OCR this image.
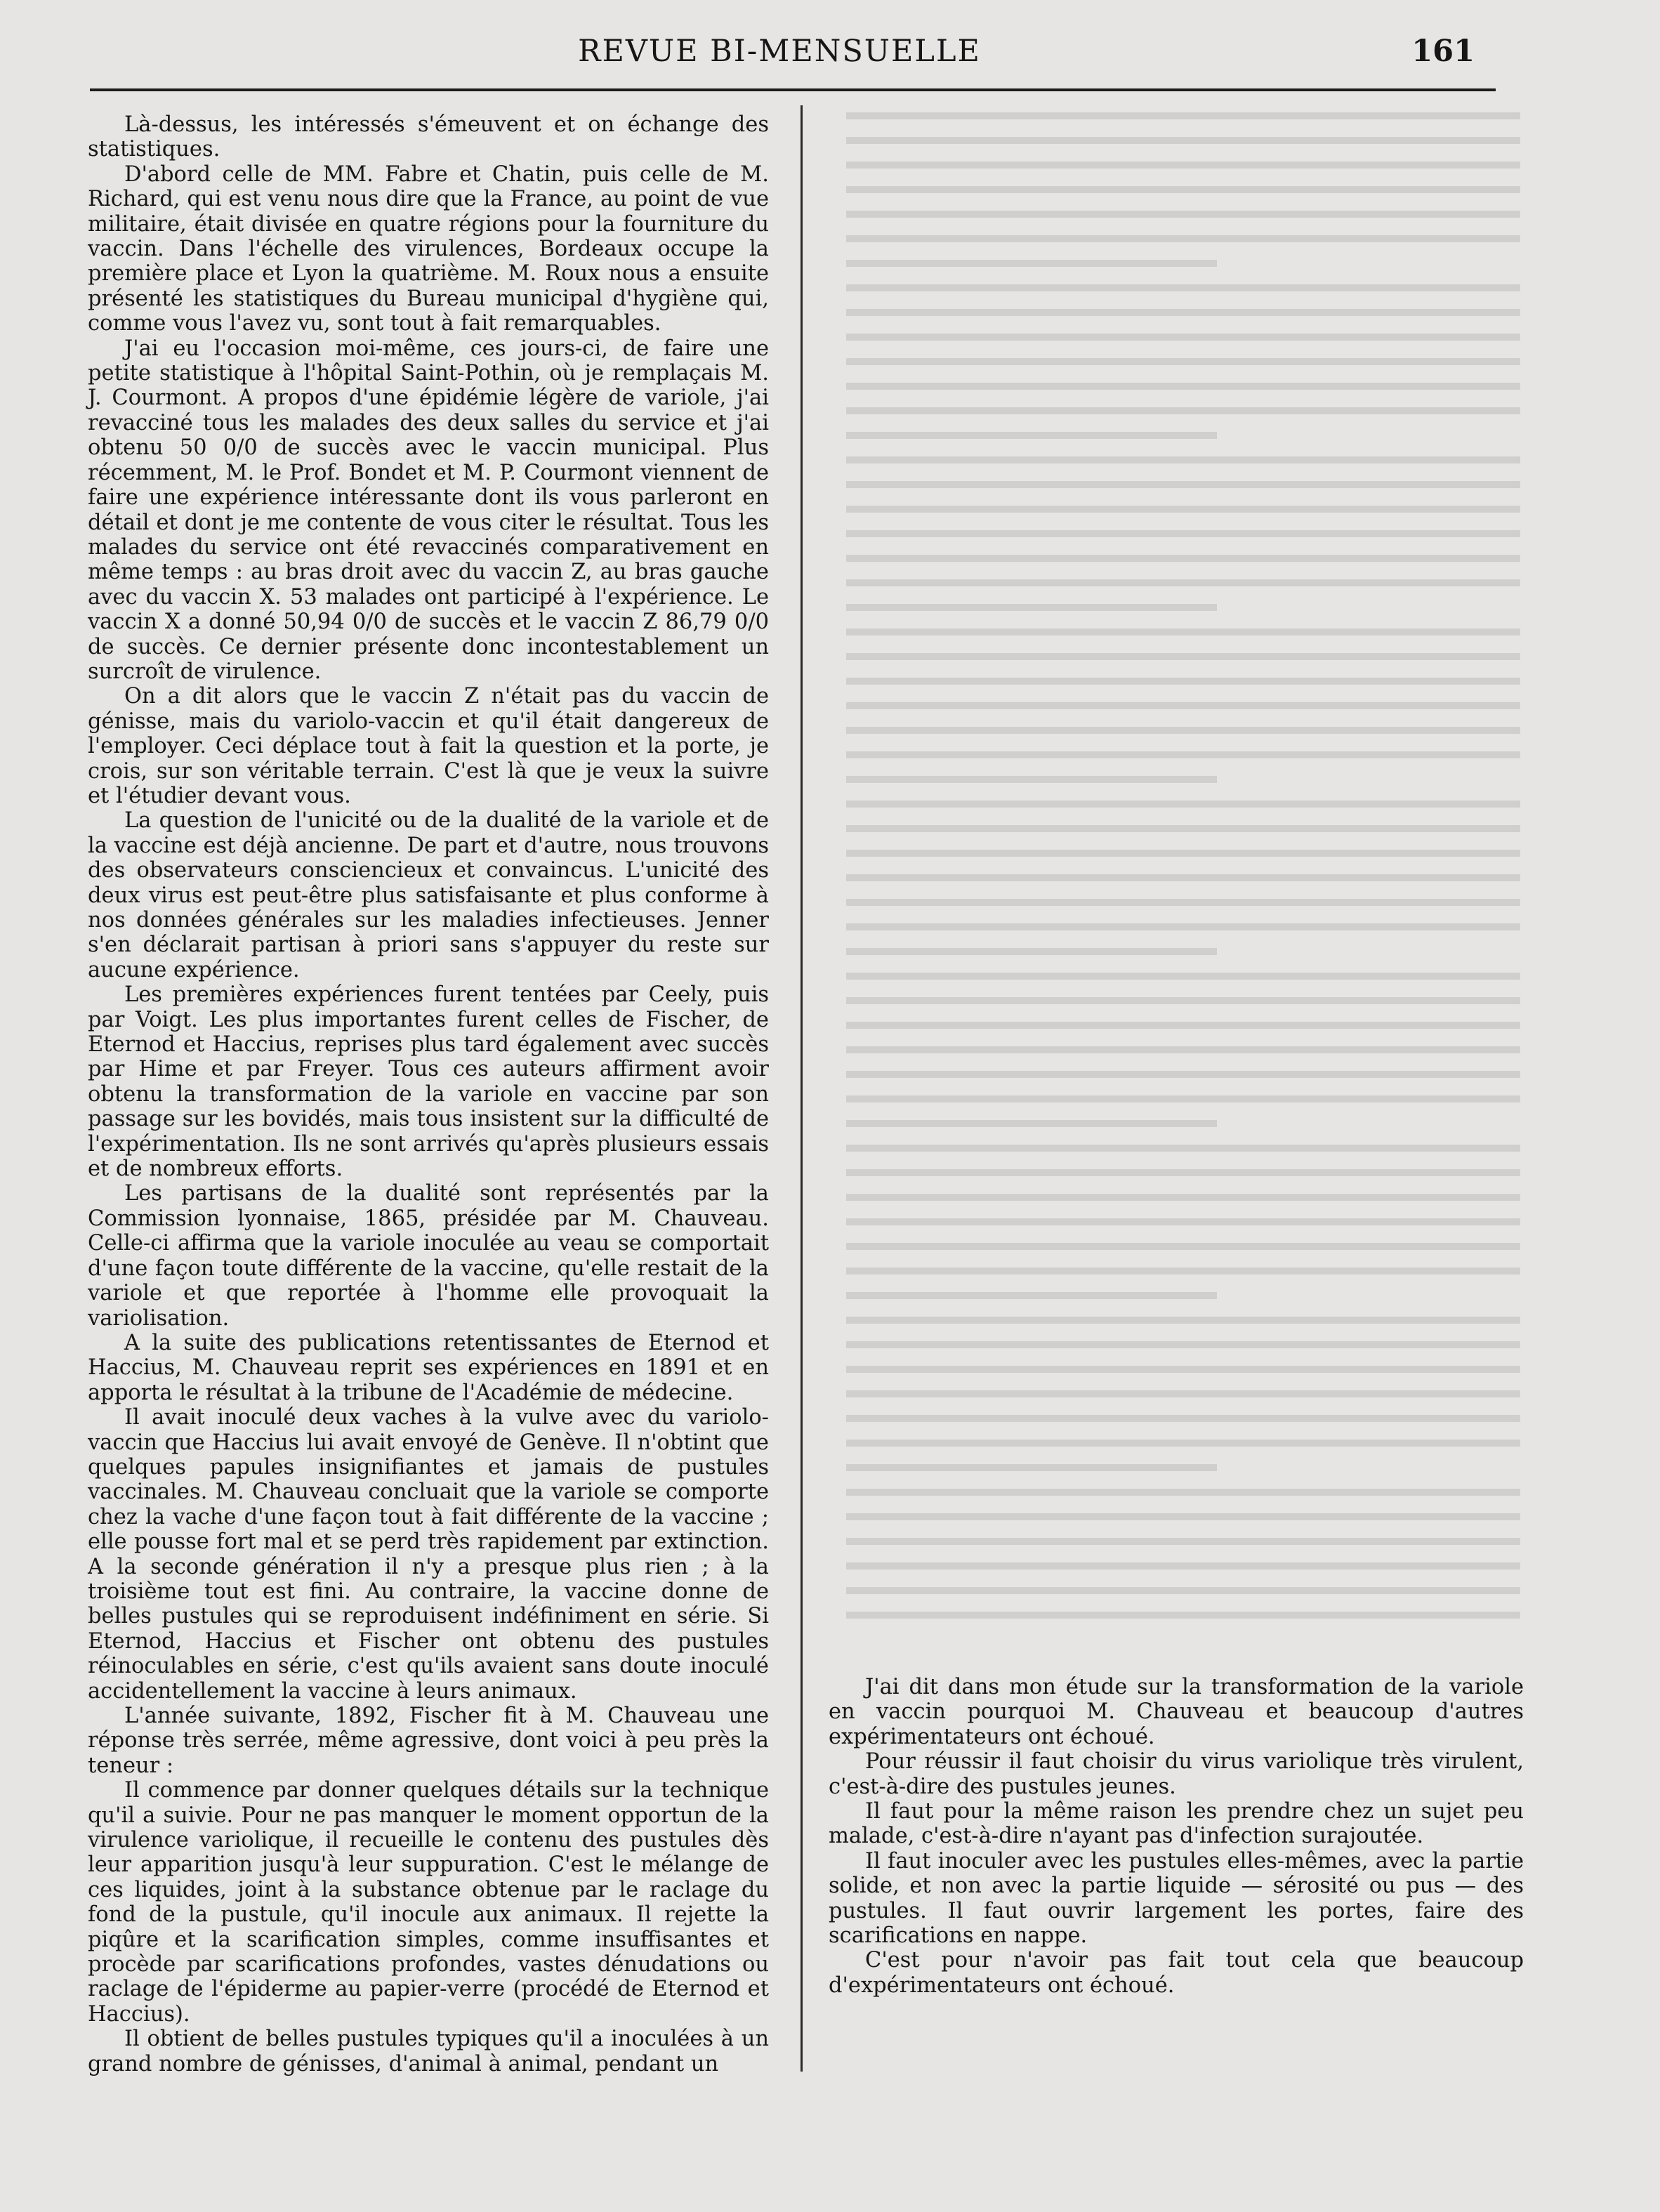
REVUE BI-MENSUELLE	161

Là-dessus, les intéressés s'émeuvent et on échange des statistiques.

D'abord celle de MM. Fabre et Chatin, puis celle de M. Richard, qui est venu nous dire que la France, au point de vue militaire, était divisée en quatre régions pour la fourniture du vaccin. Dans l'échelle des virulences, Bordeaux occupe la première place et Lyon la quatrième. M. Roux nous a ensuite présenté les statistiques du Bureau municipal d'hygiène qui, comme vous l'avez vu, sont tout à fait remarquables.

J'ai eu l'occasion moi-même, ces jours-ci, de faire une petite statistique à l'hôpital Saint-Pothin, où je remplaçais M. J. Courmont. A propos d'une épidémie légère de variole, j'ai revacciné tous les malades des deux salles du service et j'ai obtenu 50 0/0 de succès avec le vaccin municipal. Plus récemment, M. le Prof. Bondet et M. P. Courmont viennent de faire une expérience intéressante dont ils vous parleront en détail et dont je me contente de vous citer le résultat. Tous les malades du service ont été revaccinés comparativement en même temps : au bras droit avec du vaccin Z, au bras gauche avec du vaccin X. 53 malades ont participé à l'expérience. Le vaccin X a donné 50,94 0/0 de succès et le vaccin Z 86,79 0/0 de succès. Ce dernier présente donc incontestablement un surcroît de virulence.

On a dit alors que le vaccin Z n'était pas du vaccin de génisse, mais du variolo-vaccin et qu'il était dangereux de l'employer. Ceci déplace tout à fait la question et la porte, je crois, sur son véritable terrain. C'est là que je veux la suivre et l'étudier devant vous.

La question de l'unicité ou de la dualité de la variole et de la vaccine est déjà ancienne. De part et d'autre, nous trouvons des observateurs consciencieux et convaincus. L'unicité des deux virus est peut-être plus satisfaisante et plus conforme à nos données générales sur les maladies infectieuses. Jenner s'en déclarait partisan à priori sans s'appuyer du reste sur aucune expérience.

Les premières expériences furent tentées par Ceely, puis par Voigt. Les plus importantes furent celles de Fischer, de Eternod et Haccius, reprises plus tard également avec succès par Hime et par Freyer. Tous ces auteurs affirment avoir obtenu la transformation de la variole en vaccine par son passage sur les bovidés, mais tous insistent sur la difficulté de l'expérimentation. Ils ne sont arrivés qu'après plusieurs essais et de nombreux efforts.

Les partisans de la dualité sont représentés par la Commission lyonnaise, 1865, présidée par M. Chauveau. Celle-ci affirma que la variole inoculée au veau se comportait d'une façon toute différente de la vaccine, qu'elle restait de la variole et que reportée à l'homme elle provoquait la variolisation.

A la suite des publications retentissantes de Eternod et Haccius, M. Chauveau reprit ses expériences en 1891 et en apporta le résultat à la tribune de l'Académie de médecine.

Il avait inoculé deux vaches à la vulve avec du variolo-vaccin que Haccius lui avait envoyé de Genève. Il n'obtint que quelques papules insignifiantes et jamais de pustules vaccinales. M. Chauveau concluait que la variole se comporte chez la vache d'une façon tout à fait différente de la vaccine ; elle pousse fort mal et se perd très rapidement par extinction. A la seconde génération il n'y a presque plus rien ; à la troisième tout est fini. Au contraire, la vaccine donne de belles pustules qui se reproduisent indéfiniment en série. Si Eternod, Haccius et Fischer ont obtenu des pustules réinoculables en série, c'est qu'ils avaient sans doute inoculé accidentellement la vaccine à leurs animaux.

L'année suivante, 1892, Fischer fit à M. Chauveau une réponse très serrée, même agressive, dont voici à peu près la teneur :

Il commence par donner quelques détails sur la technique qu'il a suivie. Pour ne pas manquer le moment opportun de la virulence variolique, il recueille le contenu des pustules dès leur apparition jusqu'à leur suppuration. C'est le mélange de ces liquides, joint à la substance obtenue par le raclage du fond de la pustule, qu'il inocule aux animaux. Il rejette la piqûre et la scarification simples, comme insuffisantes et procède par scarifications profondes, vastes dénudations ou raclage de l'épiderme au papier-verre (procédé de Eternod et Haccius).

Il obtient de belles pustules typiques qu'il a inoculées à un grand nombre de génisses, d'animal à animal, pendant un

J'ai dit dans mon étude sur la transformation de la variole en vaccin pourquoi M. Chauveau et beaucoup d'autres expérimentateurs ont échoué.

Pour réussir il faut choisir du virus variolique très virulent, c'est-à-dire des pustules jeunes.

Il faut pour la même raison les prendre chez un sujet peu malade, c'est-à-dire n'ayant pas d'infection surajoutée.

Il faut inoculer avec les pustules elles-mêmes, avec la partie solide, et non avec la partie liquide — sérosité ou pus — des pustules. Il faut ouvrir largement les portes, faire des scarifications en nappe.

C'est pour n'avoir pas fait tout cela que beaucoup d'expérimentateurs ont échoué.
